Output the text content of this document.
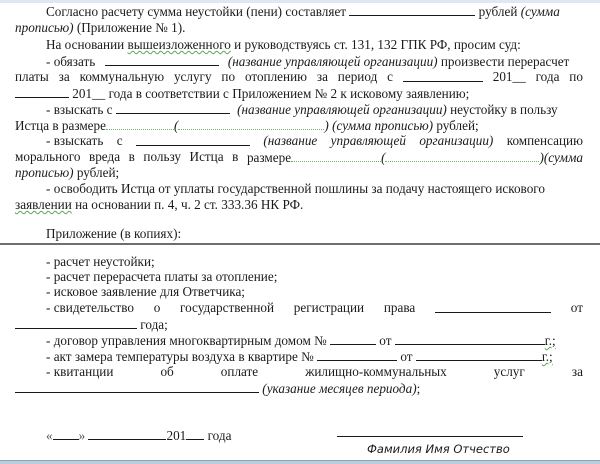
Согласно расчету сумма неустойки (пени) составляет	рублей (сумма
прописью) (Приложение № 1).
На основании вышеизложенного и руководствуясь ст. 131, 132 ГПК РФ, просим суд:
- обязать	(название управляющей организации) произвести перерасчет
платы за коммунальную услугу по отоплению за период с	201__ года по
201__ года в соответствии с Приложением № 2 к исковому заявлению;
- взыскать с	(название управляющей организации) неустойку в пользу
Истца в размере	(	) (сумма прописью) рублей;
- взыскать с	(название управляющей организации) компенсацию
морального вреда в пользу Истца в размере	(	)(сумма
прописью) рублей;
- освободить Истца от уплаты государственной пошлины за подачу настоящего искового
заявлении на основании п. 4, ч. 2 ст. 333.36 НК РФ.
Приложение (в копиях):
- расчет неустойки;
- расчет перерасчета платы за отопление;
- исковое заявление для Ответчика;
- свидетельство о государственной регистрации права	от
года;
- договор управления многоквартирным домом №	от	г.;
- акт замера температуры воздуха в квартире №	от	г.;
- квитанции	об	оплате	жилищно-коммунальных	услуг	за
(указание месяцев периода);
« »	201 года
Фамилия Имя Отчество
